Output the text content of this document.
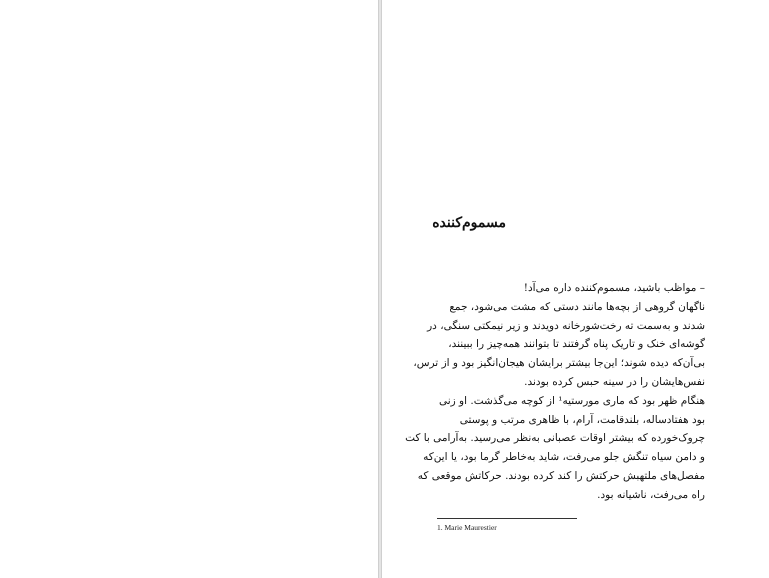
مسموم‌کننده
– مواظب باشید، مسموم‌کننده داره می‌آد!
ناگهان گروهی از بچه‌ها مانند دستی که مشت می‌شود، جمع
شدند و به‌سمت ته رخت‌شورخانه دویدند و زیر نیمکتی سنگی، در
گوشه‌ای خنک و تاریک پناه گرفتند تا بتوانند همه‌چیز را ببینند،
بی‌آن‌که دیده شوند؛ این‌جا بیشتر برایشان هیجان‌انگیز بود و از ترس،
نفس‌هایشان را در سینه حبس کرده بودند.
هنگام ظهر بود که ماری مورستیه¹ از کوچه می‌گذشت. او زنی
بود هفتادساله، بلندقامت، آرام، با ظاهری مرتب و پوستی
چروک‌خورده که بیشتر اوقات عصبانی به‌نظر می‌رسید. به‌آرامی با کت
و دامن سیاه تنگش جلو می‌رفت، شاید به‌خاطر گرما بود، یا این‌که
مفصل‌های ملتهبش حرکتش را کند کرده بودند. حرکاتش موقعی که
راه می‌رفت، ناشیانه بود.
1. Marie Maurestier
